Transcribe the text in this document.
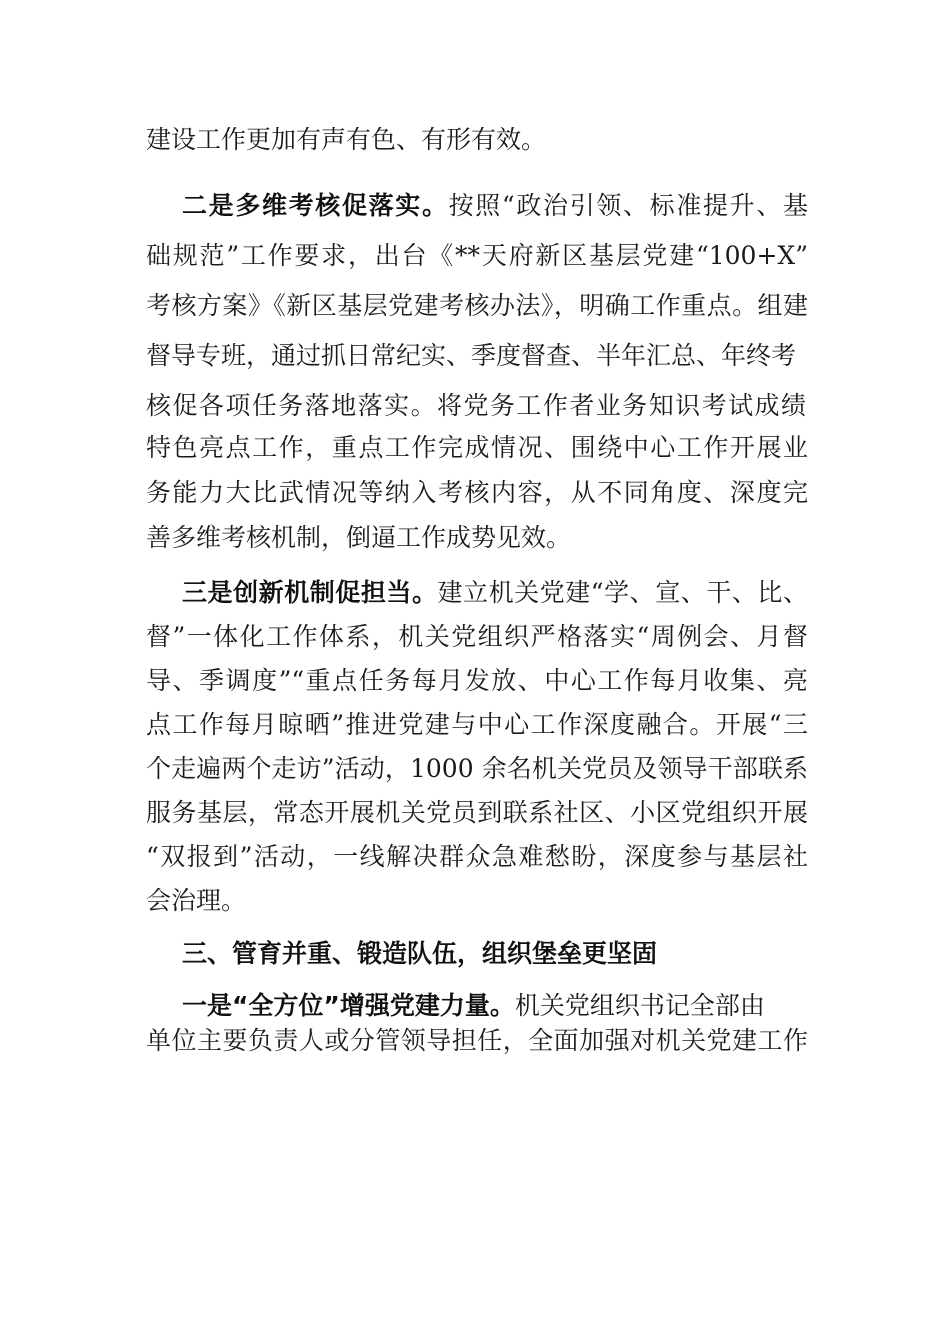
建设工作更加有声有色、有形有效。
二是多维考核促落实。按照“政治引领、标准提升、基
础规范”工作要求，出台《**天府新区基层党建“100+X”
考核方案》《新区基层党建考核办法》，明确工作重点。组建
督导专班，通过抓日常纪实、季度督查、半年汇总、年终考
核促各项任务落地落实。将党务工作者业务知识考试成绩
特色亮点工作，重点工作完成情况、围绕中心工作开展业
务能力大比武情况等纳入考核内容，从不同角度、深度完
善多维考核机制，倒逼工作成势见效。
三是创新机制促担当。建立机关党建“学、宣、干、比、
督”一体化工作体系，机关党组织严格落实“周例会、月督
导、季调度”“重点任务每月发放、中心工作每月收集、亮
点工作每月晾晒”推进党建与中心工作深度融合。开展“三
个走遍两个走访”活动，1000 余名机关党员及领导干部联系
服务基层，常态开展机关党员到联系社区、小区党组织开展
“双报到”活动，一线解决群众急难愁盼，深度参与基层社
会治理。
三、管育并重、锻造队伍，组织堡垒更坚固
一是“全方位”增强党建力量。机关党组织书记全部由
单位主要负责人或分管领导担任，全面加强对机关党建工作
